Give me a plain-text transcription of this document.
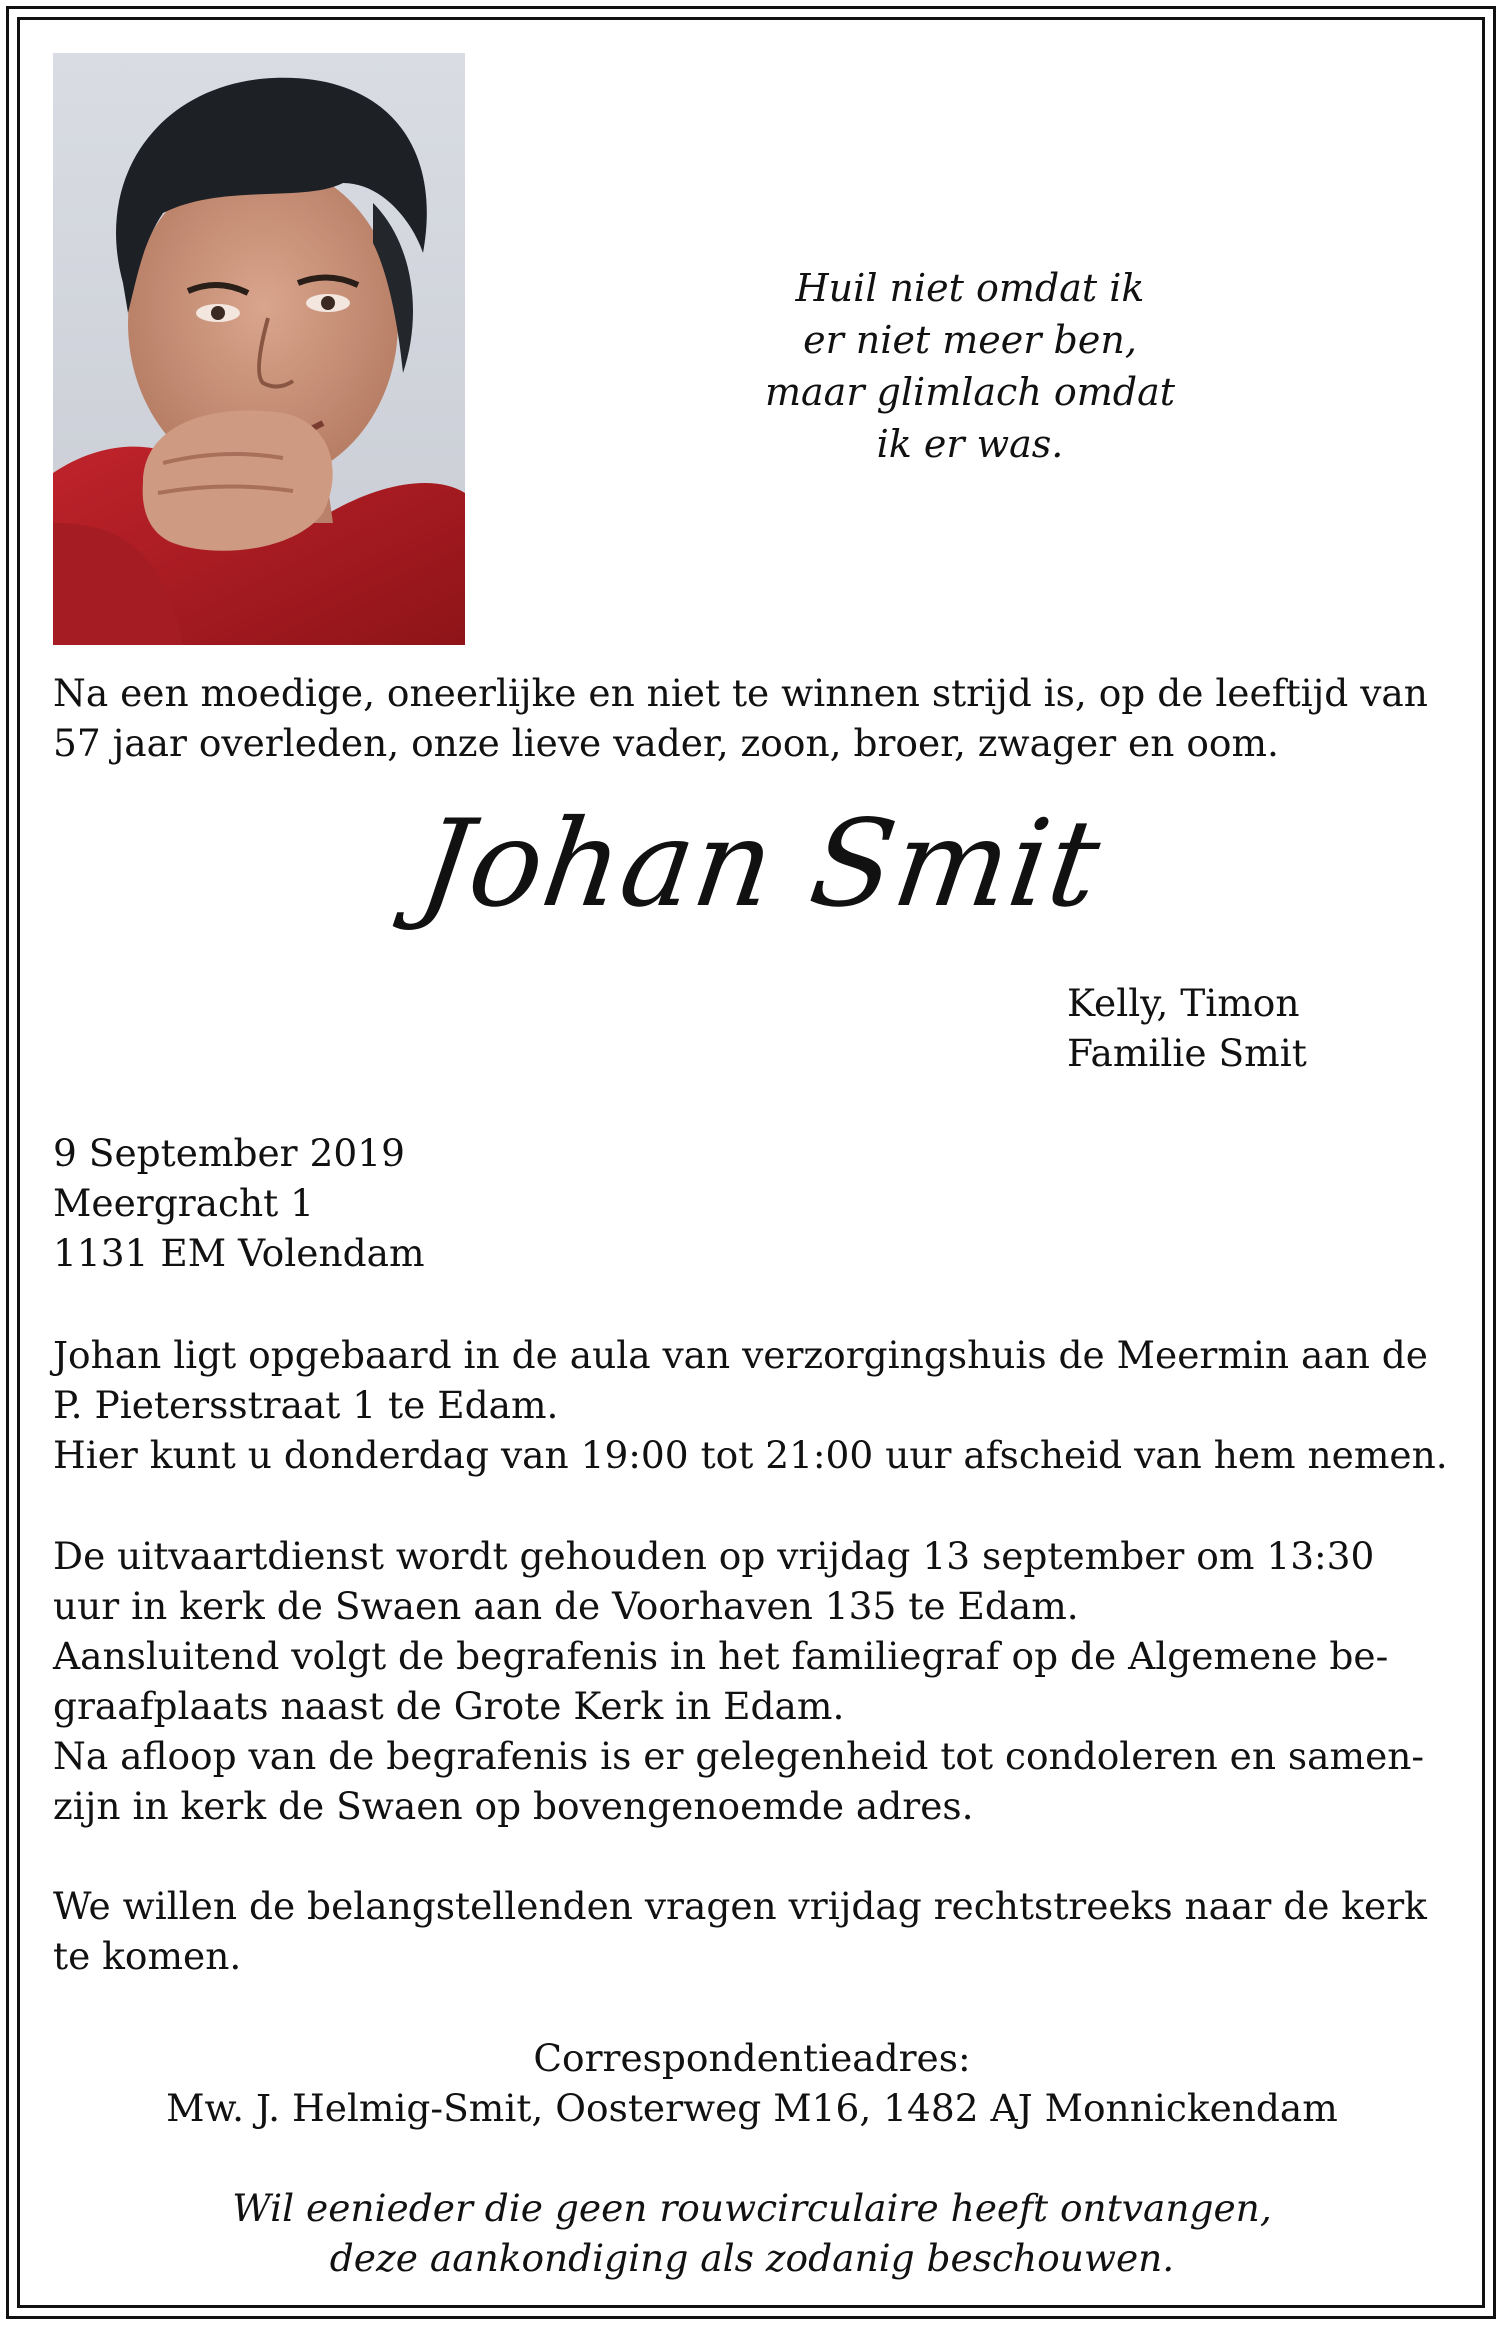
Huil niet omdat ik
er niet meer ben,
maar glimlach omdat
ik er was.
Na een moedige, oneerlijke en niet te winnen strijd is, op de leeftijd van
57 jaar overleden, onze lieve vader, zoon, broer, zwager en oom.
Johan Smit
Kelly, Timon
Familie Smit
9 September 2019
Meergracht 1
1131 EM Volendam
Johan ligt opgebaard in de aula van verzorgingshuis de Meermin aan de
P. Pietersstraat 1 te Edam.
Hier kunt u donderdag van 19:00 tot 21:00 uur afscheid van hem nemen.
De uitvaartdienst wordt gehouden op vrijdag 13 september om 13:30
uur in kerk de Swaen aan de Voorhaven 135 te Edam.
Aansluitend volgt de begrafenis in het familiegraf op de Algemene be-
graafplaats naast de Grote Kerk in Edam.
Na afloop van de begrafenis is er gelegenheid tot condoleren en samen-
zijn in kerk de Swaen op bovengenoemde adres.
We willen de belangstellenden vragen vrijdag rechtstreeks naar de kerk
te komen.
Correspondentieadres:
Mw. J. Helmig-Smit, Oosterweg M16, 1482 AJ Monnickendam
Wil eenieder die geen rouwcirculaire heeft ontvangen,
deze aankondiging als zodanig beschouwen.
